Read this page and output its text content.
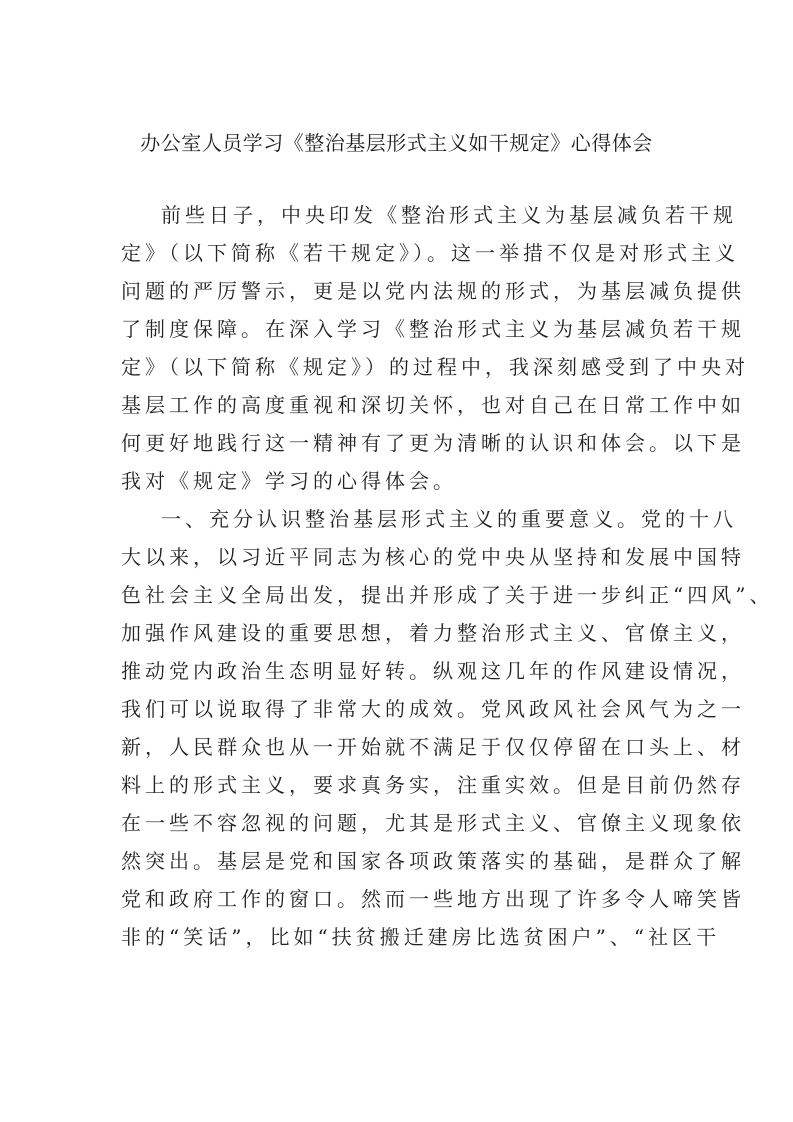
办公室人员学习《整治基层形式主义如干规定》心得体会
前些日子，中央印发《整治形式主义为基层减负若干规
定》（以下简称《若干规定》）。这一举措不仅是对形式主义
问题的严厉警示，更是以党内法规的形式，为基层减负提供
了制度保障。在深入学习《整治形式主义为基层减负若干规
定》（以下简称《规定》）的过程中，我深刻感受到了中央对
基层工作的高度重视和深切关怀，也对自己在日常工作中如
何更好地践行这一精神有了更为清晰的认识和体会。以下是
我对《规定》学习的心得体会。
一、充分认识整治基层形式主义的重要意义。党的十八
大以来，以习近平同志为核心的党中央从坚持和发展中国特
色社会主义全局出发，提出并形成了关于进一步纠正“四风”、
加强作风建设的重要思想，着力整治形式主义、官僚主义，
推动党内政治生态明显好转。纵观这几年的作风建设情况，
我们可以说取得了非常大的成效。党风政风社会风气为之一
新，人民群众也从一开始就不满足于仅仅停留在口头上、材
料上的形式主义，要求真务实，注重实效。但是目前仍然存
在一些不容忽视的问题，尤其是形式主义、官僚主义现象依
然突出。基层是党和国家各项政策落实的基础，是群众了解
党和政府工作的窗口。然而一些地方出现了许多令人啼笑皆
非的“笑话”，比如“扶贫搬迁建房比选贫困户”、“社区干
